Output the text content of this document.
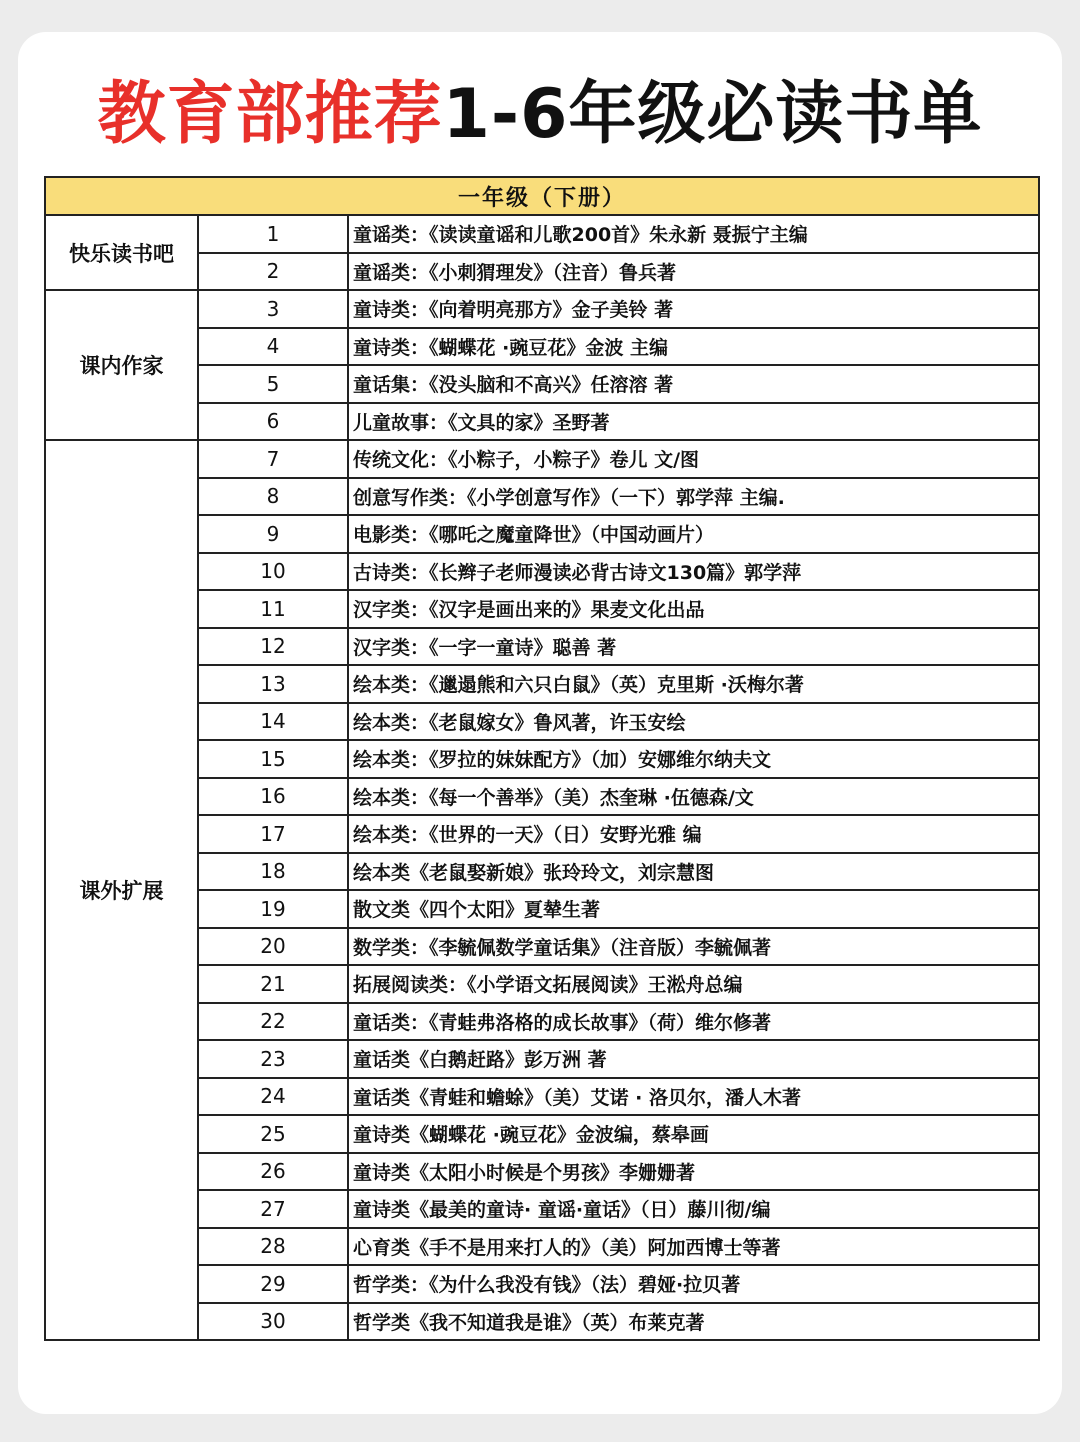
教育部推荐1-6年级必读书单
一年级（下册）		
快乐读书吧	1	童谣类：《读读童谣和儿歌200首》朱永新 聂振宁主编
	2	童谣类：《小刺猬理发》（注音）鲁兵著
课内作家	3	童诗类：《向着明亮那方》金子美铃 著
	4	童诗类：《蝴蝶花 ·豌豆花》金波 主编
	5	童话集：《没头脑和不高兴》任溶溶 著
	6	儿童故事：《文具的家》圣野著
课外扩展	7	传统文化：《小粽子，小粽子》卷儿 文/图
	8	创意写作类：《小学创意写作》（一下）郭学萍 主编.
	9	电影类：《哪吒之魔童降世》（中国动画片）
	10	古诗类：《长辫子老师漫读必背古诗文130篇》郭学萍
	11	汉字类：《汉字是画出来的》果麦文化出品
	12	汉字类：《一字一童诗》聪善 著
	13	绘本类：《邋遢熊和六只白鼠》（英）克里斯 ·沃梅尔著
	14	绘本类：《老鼠嫁女》鲁风著，许玉安绘
	15	绘本类：《罗拉的妹妹配方》（加）安娜维尔纳夫文
	16	绘本类：《每一个善举》（美）杰奎琳 ·伍德森/文
	17	绘本类：《世界的一天》（日）安野光雅 编
	18	绘本类《老鼠娶新娘》张玲玲文，刘宗慧图
	19	散文类《四个太阳》夏辇生著
	20	数学类：《李毓佩数学童话集》（注音版）李毓佩著
	21	拓展阅读类：《小学语文拓展阅读》王淞舟总编
	22	童话类：《青蛙弗洛格的成长故事》（荷）维尔修著
	23	童话类《白鹅赶路》彭万洲 著
	24	童话类《青蛙和蟾蜍》（美）艾诺 · 洛贝尔，潘人木著
	25	童诗类《蝴蝶花 ·豌豆花》金波编，蔡皋画
	26	童诗类《太阳小时候是个男孩》李姗姗著
	27	童诗类《最美的童诗· 童谣·童话》（日）藤川彻/编
	28	心育类《手不是用来打人的》（美）阿加西博士等著
	29	哲学类：《为什么我没有钱》（法）碧娅·拉贝著
	30	哲学类《我不知道我是谁》（英）布莱克著
